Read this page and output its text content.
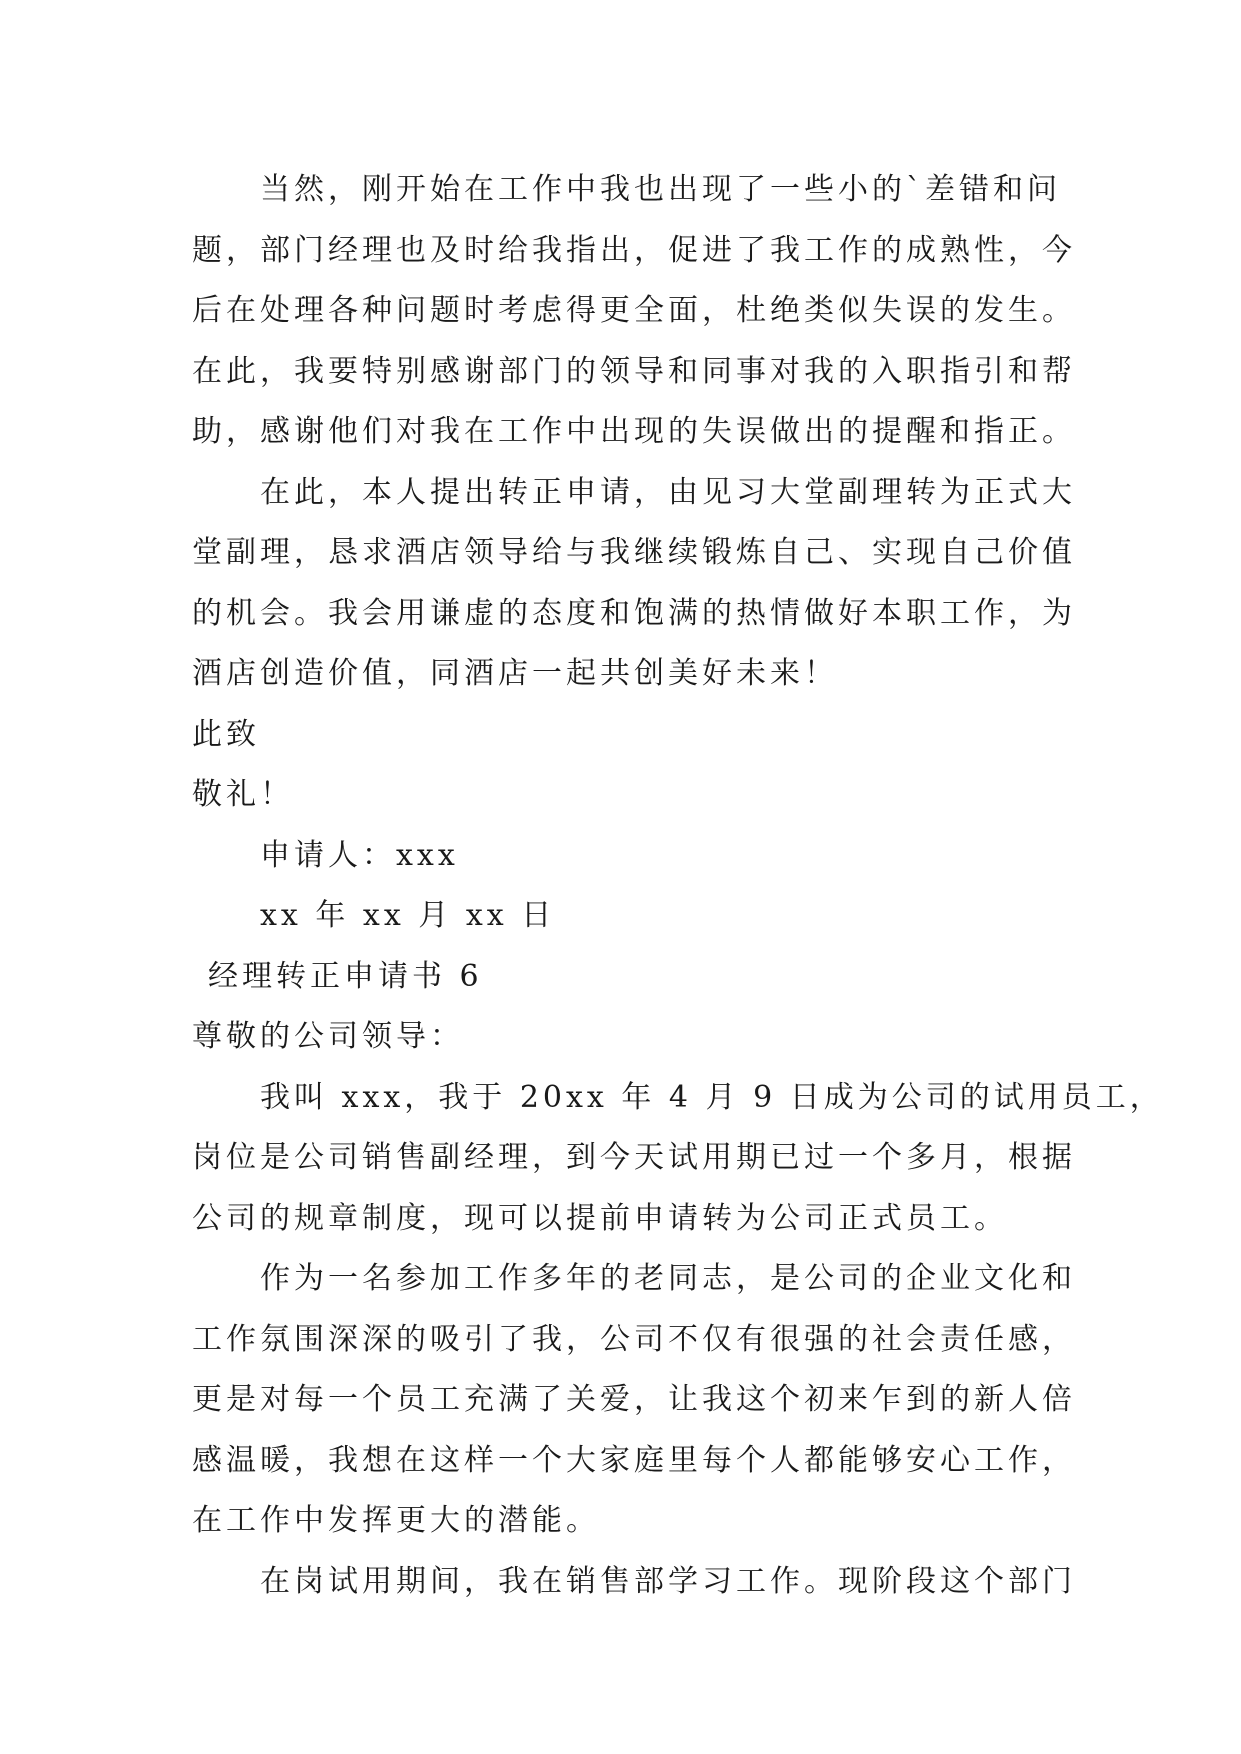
当然，刚开始在工作中我也出现了一些小的`差错和问
题，部门经理也及时给我指出，促进了我工作的成熟性，今
后在处理各种问题时考虑得更全面，杜绝类似失误的发生。
在此，我要特别感谢部门的领导和同事对我的入职指引和帮
助，感谢他们对我在工作中出现的失误做出的提醒和指正。
在此，本人提出转正申请，由见习大堂副理转为正式大
堂副理，恳求酒店领导给与我继续锻炼自己、实现自己价值
的机会。我会用谦虚的态度和饱满的热情做好本职工作，为
酒店创造价值，同酒店一起共创美好未来！
此致
敬礼！
申请人：xxx
xx 年 xx 月 xx 日
经理转正申请书 6
尊敬的公司领导：
我叫 xxx，我于 20xx 年 4 月 9 日成为公司的试用员工，
岗位是公司销售副经理，到今天试用期已过一个多月，根据
公司的规章制度，现可以提前申请转为公司正式员工。
作为一名参加工作多年的老同志，是公司的企业文化和
工作氛围深深的吸引了我，公司不仅有很强的社会责任感，
更是对每一个员工充满了关爱，让我这个初来乍到的新人倍
感温暖，我想在这样一个大家庭里每个人都能够安心工作，
在工作中发挥更大的潜能。
在岗试用期间，我在销售部学习工作。现阶段这个部门
